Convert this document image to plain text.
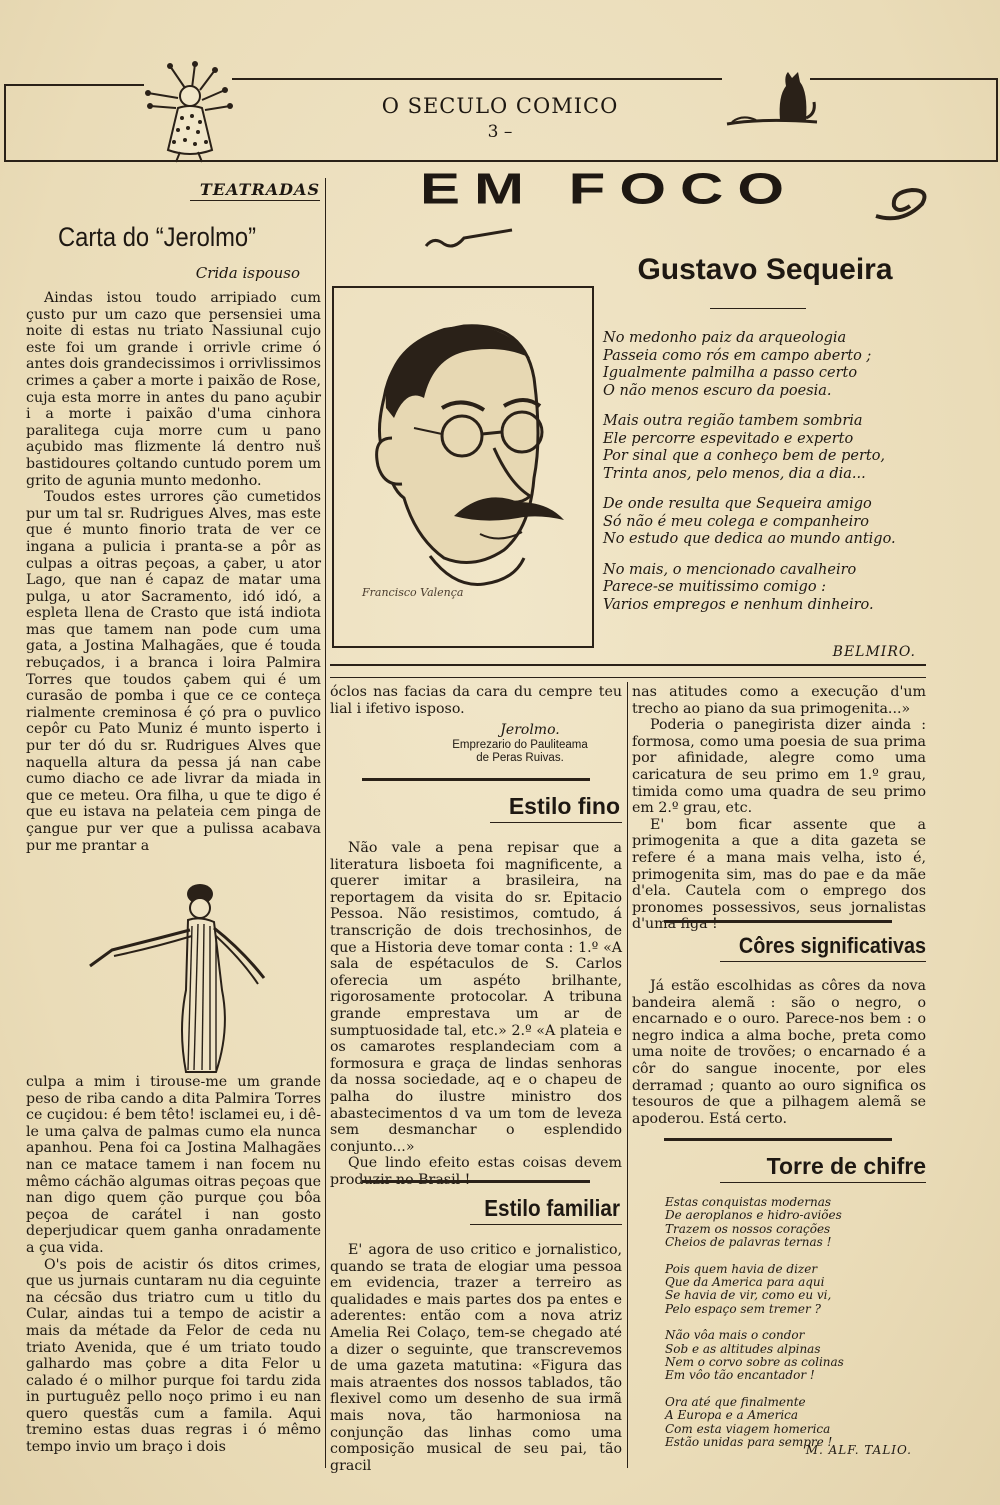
O SECULO COMICO
3 –
EM FOCO
Gustavo Sequeira
Francisco Valença
No medonho paiz da arqueologia
Passeia como rós em campo aberto ;
Igualmente palmilha a passo certo
O não menos escuro da poesia.
Mais outra região tambem sombria
Ele percorre espevitado e experto
Por sinal que a conheço bem de perto,
Trinta anos, pelo menos, dia a dia...
De onde resulta que Sequeira amigo
Só não é meu colega e companheiro
No estudo que dedica ao mundo antigo.
No mais, o mencionado cavalheiro
Parece-se muitissimo comigo :
Varios empregos e nenhum dinheiro.
BELMIRO.
TEATRADAS
Carta do “Jerolmo”
Crida ispouso

Aindas istou toudo arripiado cum çusto pur um cazo que persensiei uma noite di estas nu triato Nassiunal cujo este foi um grande i orrivle crime ó antes dois grandecissimos i orrivlissimos crimes a çaber a morte i paixão de Rose, cuja esta morre in antes du pano açubir i a morte i paixão d'uma cinhora paralitega cuja morre cum u pano açubido mas flizmente lá dentro nuš bastidoures çoltando cuntudo porem um grito de agunia munto medonho.

Toudos estes urrores ção cumetidos pur um tal sr. Rudrigues Alves, mas este que é munto finorio trata de ver ce ingana a pulicia i pranta-se a pôr as culpas a oitras peçoas, a çaber, u ator Lago, que nan é capaz de matar uma pulga, u ator Sacramento, idó idó, a espleta llena de Crasto que istá indiota mas que tamem nan pode cum uma gata, a Jostina Malhagães, que é touda rebuçados, i a branca i loira Palmira Torres que toudos çabem qui é um curasão de pomba i que ce ce conteça rialmente creminosa é çó pra o puvlico cepôr cu Pato Muniz é munto isperto i pur ter dó du sr. Rudrigues Alves que naquella altura da pessa já nan cabe cumo diacho ce ade livrar da miada in que ce meteu. Ora filha, u que te digo é que eu istava na pelateia cem pinga de çangue pur ver que a pulissa acabava pur me prantar a

culpa a mim i tirouse-me um grande peso de riba cando a dita Palmira Torres ce cuçidou: é bem têto! isclamei eu, i dê-le uma çalva de palmas cumo ela nunca apanhou. Pena foi ca Jostina Malhagães nan ce matace tamem i nan focem nu mêmo cáchão algumas oitras peçoas que nan digo quem ção purque çou bôa peçoa de carátel i nan gosto deperjudicar quem ganha onradamente a çua vida.

O's pois de acistir ós ditos crimes, que us jurnais cuntaram nu dia ceguinte na cécsão dus triatro cum u titlo du Cular, aindas tui a tempo de acistir a mais da métade da Felor de ceda nu triato Avenida, que é um triato toudo galhardo mas çobre a dita Felor u calado é o milhor purque foi tardu zida in purtuguêz pello noço primo i eu nan quero questãs cum a famila. Aqui tremino estas duas regras i ó mêmo tempo invio um braço i dois

óclos nas facias da cara du cempre teu lial i ifetivo isposo.

Jerolmo.
Emprezario do Pauliteama
de Peras Ruivas.
Estilo fino

Não vale a pena repisar que a literatura lisboeta foi magnificente, a querer imitar a brasileira, na reportagem da visita do sr. Epitacio Pessoa. Não resistimos, comtudo, á transcrição de dois trechosinhos, de que a Historia deve tomar conta : 1.º «A sala de espétaculos de S. Carlos oferecia um aspéto brilhante, rigorosamente protocolar. A tribuna grande emprestava um ar de sumptuosidade tal, etc.» 2.º «A plateia e os camarotes resplandeciam com a formosura e graça de lindas senhoras da nossa sociedade, aq e o chapeu de palha do ilustre ministro dos abastecimentos d va um tom de leveza sem desmanchar o esplendido conjunto...»

Que lindo efeito estas coisas devem produzir no Brasil !

Estilo familiar

E' agora de uso critico e jornalistico, quando se trata de elogiar uma pessoa em evidencia, trazer a terreiro as qualidades e mais partes dos pa entes e aderentes: então com a nova atriz Amelia Rei Colaço, tem-se chegado até a dizer o seguinte, que transcrevemos de uma gazeta matutina: «Figura das mais atraentes dos nossos tablados, tão flexivel como um desenho de sua irmã mais nova, tão harmoniosa na conjunção das linhas como uma composição musical de seu pai, tão gracil

nas atitudes como a execução d'um trecho ao piano da sua primogenita...»

Poderia o panegirista dizer ainda : formosa, como uma poesia de sua prima por afinidade, alegre como uma caricatura de seu primo em 1.º grau, timida como uma quadra de seu primo em 2.º grau, etc.

E' bom ficar assente que a primogenita a que a dita gazeta se refere é a mana mais velha, isto é, primogenita sim, mas do pae e da mãe d'ela. Cautela com o emprego dos pronomes possessivos, seus jornalistas d'uma figa !

Côres significativas

Já estão escolhidas as côres da nova bandeira alemã : são o negro, o encarnado e o ouro. Parece-nos bem : o negro indica a alma boche, preta como uma noite de trovões; o encarnado é a côr do sangue inocente, por eles derramad ; quanto ao ouro significa os tesouros de que a pilhagem alemã se apoderou. Está certo.

Torre de chifre
Estas conquistas modernas
De aeroplanos e hidro-aviões
Trazem os nossos corações
Cheios de palavras ternas !
Pois quem havia de dizer
Que da America para aqui
Se havia de vir, como eu vi,
Pelo espaço sem tremer ?
Não vôa mais o condor
Sob e as altitudes alpinas
Nem o corvo sobre as colinas
Em vôo tão encantador !
Ora até que finalmente
A Europa e a America
Com esta viagem homerica
Estão unidas para sempre !
M. ALF. TALIO.
